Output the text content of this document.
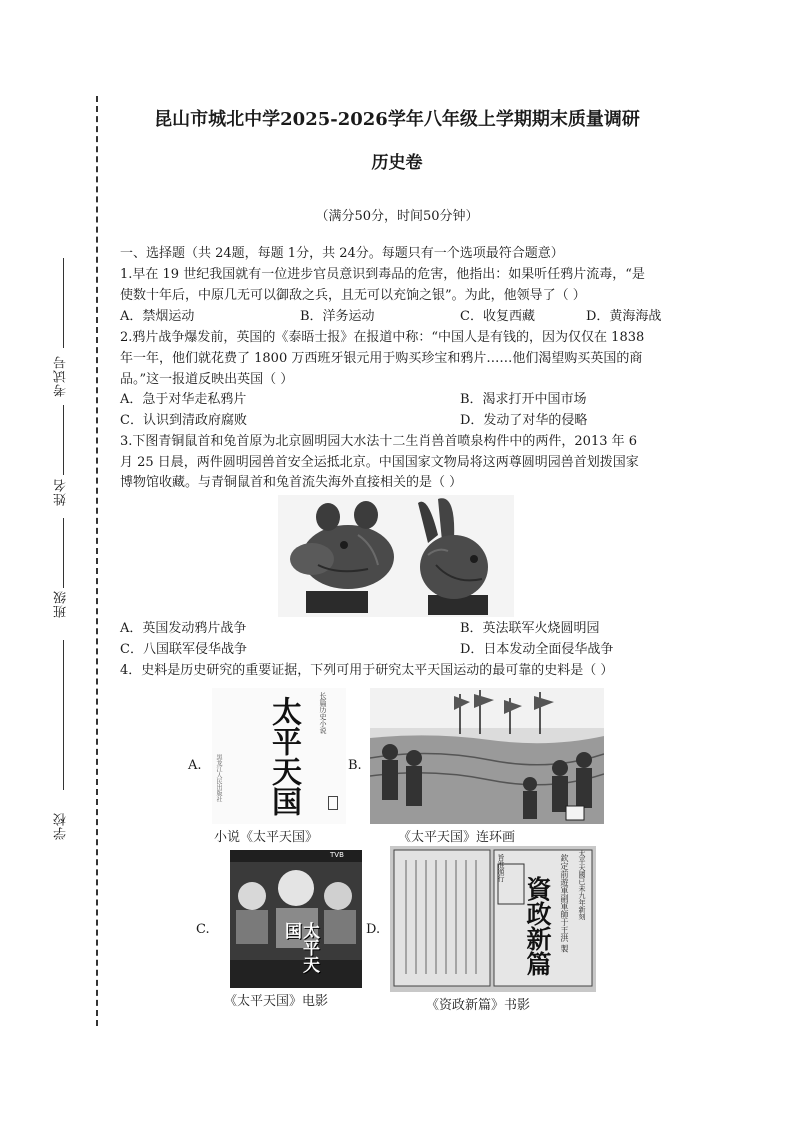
考试号
姓名
班级
学校
昆山市城北中学2025-2026学年八年级上学期期末质量调研
历史卷
（满分50分，时间50分钟）
一、选择题（共 24题，每题 1分，共 24分。每题只有一个选项最符合题意）
1.早在 19 世纪我国就有一位进步官员意识到毒品的危害，他指出：如果听任鸦片流毒，“是
使数十年后，中原几无可以御敌之兵，且无可以充饷之银”。为此，他领导了（ ）
A．禁烟运动	B．洋务运动	C．收复西藏	D．黄海海战
2.鸦片战争爆发前，英国的《泰晤士报》在报道中称：“中国人是有钱的，因为仅仅在 1838
年一年，他们就花费了 1800 万西班牙银元用于购买珍宝和鸦片……他们渴望购买英国的商
品。”这一报道反映出英国（ ）
A．急于对华走私鸦片	B．渴求打开中国市场
C．认识到清政府腐败	D．发动了对华的侵略
3.下图青铜鼠首和兔首原为北京圆明园大水法十二生肖兽首喷泉构件中的两件，2013 年 6
月 25 日晨，两件圆明园兽首安全运抵北京。中国国家文物局将这两尊圆明园兽首划拨国家
博物馆收藏。与青铜鼠首和兔首流失海外直接相关的是（ ）
A．英国发动鸦片战争	B．英法联军火烧圆明园
C．八国联军侵华战争	D．日本发动全面侵华战争
4．史料是历史研究的重要证据，下列可用于研究太平天国运动的最可靠的史料是（ ）
A. 太平天国	长篇历史小说
黑龙江人民出版社
小说《太平天国》
B.
《太平天国》连环画
C.
TVB
太平天国
《太平天国》电影
D.
旨准頒行
資政新篇 欽定前遊軍副軍師于王洪 製 太平天國已未九年新刻
《资政新篇》书影
